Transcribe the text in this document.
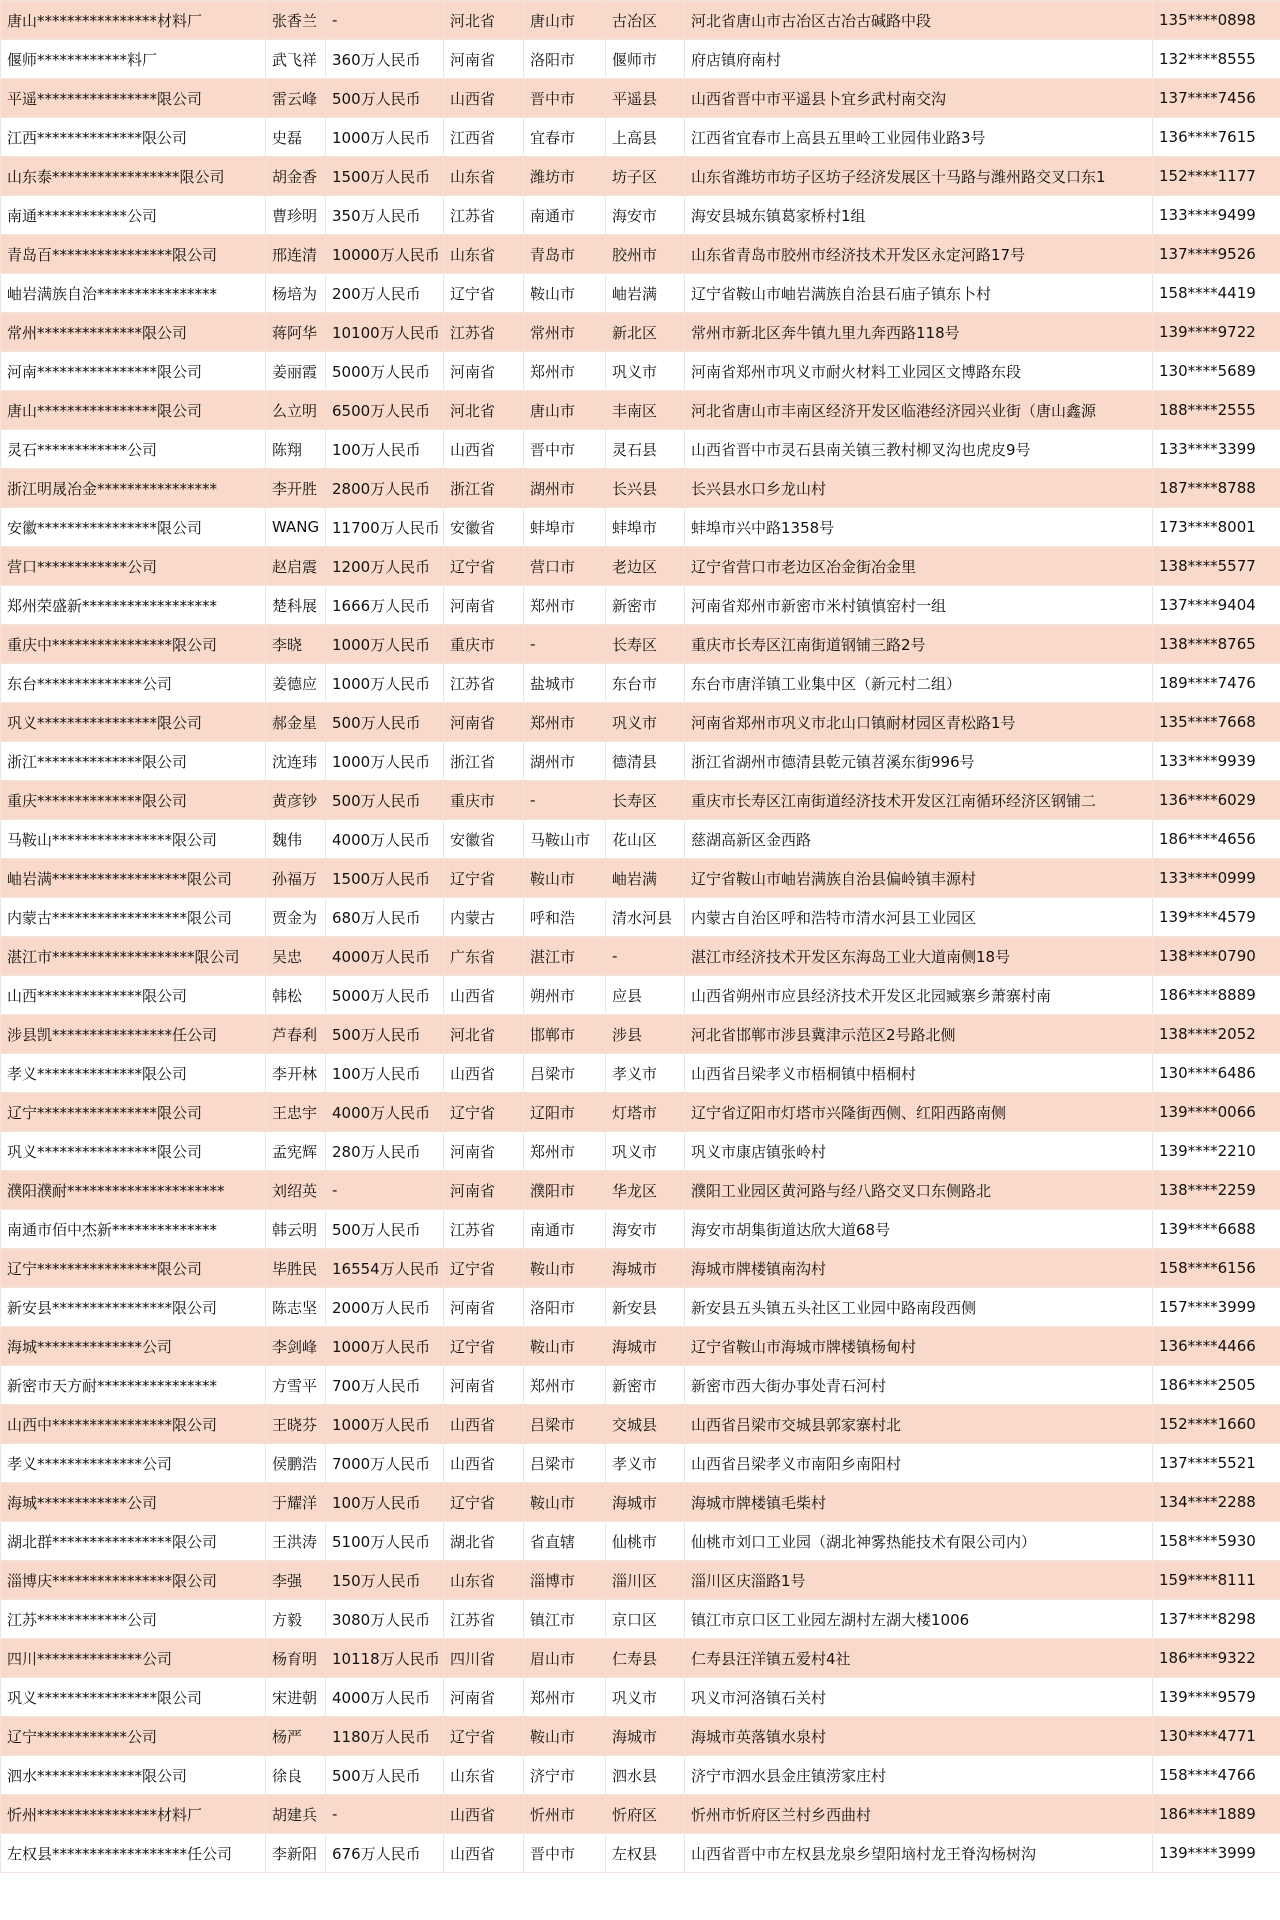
唐山****************材料厂	张香兰	-	河北省	唐山市	古冶区	河北省唐山市古冶区古冶古碱路中段	135****0898
偃师************料厂	武飞祥	360万人民币	河南省	洛阳市	偃师市	府店镇府南村	132****8555
平遥****************限公司	雷云峰	500万人民币	山西省	晋中市	平遥县	山西省晋中市平遥县卜宜乡武村南交沟	137****7456
江西**************限公司	史磊	1000万人民币	江西省	宜春市	上高县	江西省宜春市上高县五里岭工业园伟业路3号	136****7615
山东泰*****************限公司	胡金香	1500万人民币	山东省	潍坊市	坊子区	山东省潍坊市坊子区坊子经济发展区十马路与潍州路交叉口东1	152****1177
南通************公司	曹珍明	350万人民币	江苏省	南通市	海安市	海安县城东镇葛家桥村1组	133****9499
青岛百****************限公司	邢连清	10000万人民币	山东省	青岛市	胶州市	山东省青岛市胶州市经济技术开发区永定河路17号	137****9526
岫岩满族自治****************	杨培为	200万人民币	辽宁省	鞍山市	岫岩满	辽宁省鞍山市岫岩满族自治县石庙子镇东卜村	158****4419
常州**************限公司	蒋阿华	10100万人民币	江苏省	常州市	新北区	常州市新北区奔牛镇九里九奔西路118号	139****9722
河南****************限公司	姜丽霞	5000万人民币	河南省	郑州市	巩义市	河南省郑州市巩义市耐火材料工业园区文博路东段	130****5689
唐山****************限公司	么立明	6500万人民币	河北省	唐山市	丰南区	河北省唐山市丰南区经济开发区临港经济园兴业街（唐山鑫源	188****2555
灵石************公司	陈翔	100万人民币	山西省	晋中市	灵石县	山西省晋中市灵石县南关镇三教村柳叉沟也虎皮9号	133****3399
浙江明晟冶金****************	李开胜	2800万人民币	浙江省	湖州市	长兴县	长兴县水口乡龙山村	187****8788
安徽****************限公司	WANG	11700万人民币	安徽省	蚌埠市	蚌埠市	蚌埠市兴中路1358号	173****8001
营口************公司	赵启震	1200万人民币	辽宁省	营口市	老边区	辽宁省营口市老边区冶金街冶金里	138****5577
郑州荣盛新******************	楚科展	1666万人民币	河南省	郑州市	新密市	河南省郑州市新密市米村镇慎窑村一组	137****9404
重庆中****************限公司	李晓	1000万人民币	重庆市	-	长寿区	重庆市长寿区江南街道钢铺三路2号	138****8765
东台**************公司	姜德应	1000万人民币	江苏省	盐城市	东台市	东台市唐洋镇工业集中区（新元村二组）	189****7476
巩义****************限公司	郝金星	500万人民币	河南省	郑州市	巩义市	河南省郑州市巩义市北山口镇耐材园区青松路1号	135****7668
浙江**************限公司	沈连玮	1000万人民币	浙江省	湖州市	德清县	浙江省湖州市德清县乾元镇苕溪东街996号	133****9939
重庆**************限公司	黄彦钞	500万人民币	重庆市	-	长寿区	重庆市长寿区江南街道经济技术开发区江南循环经济区钢铺二	136****6029
马鞍山****************限公司	魏伟	4000万人民币	安徽省	马鞍山市	花山区	慈湖高新区金西路	186****4656
岫岩满******************限公司	孙福万	1500万人民币	辽宁省	鞍山市	岫岩满	辽宁省鞍山市岫岩满族自治县偏岭镇丰源村	133****0999
内蒙古******************限公司	贾金为	680万人民币	内蒙古	呼和浩	清水河县	内蒙古自治区呼和浩特市清水河县工业园区	139****4579
湛江市*******************限公司	吴忠	4000万人民币	广东省	湛江市	-	湛江市经济技术开发区东海岛工业大道南侧18号	138****0790
山西**************限公司	韩松	5000万人民币	山西省	朔州市	应县	山西省朔州市应县经济技术开发区北园臧寨乡萧寨村南	186****8889
涉县凯****************任公司	芦春利	500万人民币	河北省	邯郸市	涉县	河北省邯郸市涉县冀津示范区2号路北侧	138****2052
孝义**************限公司	李开林	100万人民币	山西省	吕梁市	孝义市	山西省吕梁孝义市梧桐镇中梧桐村	130****6486
辽宁****************限公司	王忠宇	4000万人民币	辽宁省	辽阳市	灯塔市	辽宁省辽阳市灯塔市兴隆街西侧、红阳西路南侧	139****0066
巩义****************限公司	孟宪辉	280万人民币	河南省	郑州市	巩义市	巩义市康店镇张岭村	139****2210
濮阳濮耐*********************	刘绍英	-	河南省	濮阳市	华龙区	濮阳工业园区黄河路与经八路交叉口东侧路北	138****2259
南通市佰中杰新**************	韩云明	500万人民币	江苏省	南通市	海安市	海安市胡集街道达欣大道68号	139****6688
辽宁****************限公司	毕胜民	16554万人民币	辽宁省	鞍山市	海城市	海城市牌楼镇南沟村	158****6156
新安县****************限公司	陈志坚	2000万人民币	河南省	洛阳市	新安县	新安县五头镇五头社区工业园中路南段西侧	157****3999
海城**************公司	李剑峰	1000万人民币	辽宁省	鞍山市	海城市	辽宁省鞍山市海城市牌楼镇杨甸村	136****4466
新密市天方耐****************	方雪平	700万人民币	河南省	郑州市	新密市	新密市西大街办事处青石河村	186****2505
山西中****************限公司	王晓芬	1000万人民币	山西省	吕梁市	交城县	山西省吕梁市交城县郭家寨村北	152****1660
孝义**************公司	侯鹏浩	7000万人民币	山西省	吕梁市	孝义市	山西省吕梁孝义市南阳乡南阳村	137****5521
海城************公司	于耀洋	100万人民币	辽宁省	鞍山市	海城市	海城市牌楼镇毛柴村	134****2288
湖北群****************限公司	王洪涛	5100万人民币	湖北省	省直辖	仙桃市	仙桃市刘口工业园（湖北神雾热能技术有限公司内）	158****5930
淄博庆****************限公司	李强	150万人民币	山东省	淄博市	淄川区	淄川区庆淄路1号	159****8111
江苏************公司	方毅	3080万人民币	江苏省	镇江市	京口区	镇江市京口区工业园左湖村左湖大楼1006	137****8298
四川**************公司	杨育明	10118万人民币	四川省	眉山市	仁寿县	仁寿县汪洋镇五爱村4社	186****9322
巩义****************限公司	宋进朝	4000万人民币	河南省	郑州市	巩义市	巩义市河洛镇石关村	139****9579
辽宁************公司	杨严	1180万人民币	辽宁省	鞍山市	海城市	海城市英落镇水泉村	130****4771
泗水**************限公司	徐良	500万人民币	山东省	济宁市	泗水县	济宁市泗水县金庄镇涝家庄村	158****4766
忻州****************材料厂	胡建兵	-	山西省	忻州市	忻府区	忻州市忻府区兰村乡西曲村	186****1889
左权县******************任公司	李新阳	676万人民币	山西省	晋中市	左权县	山西省晋中市左权县龙泉乡望阳垴村龙王脊沟杨树沟	139****3999
